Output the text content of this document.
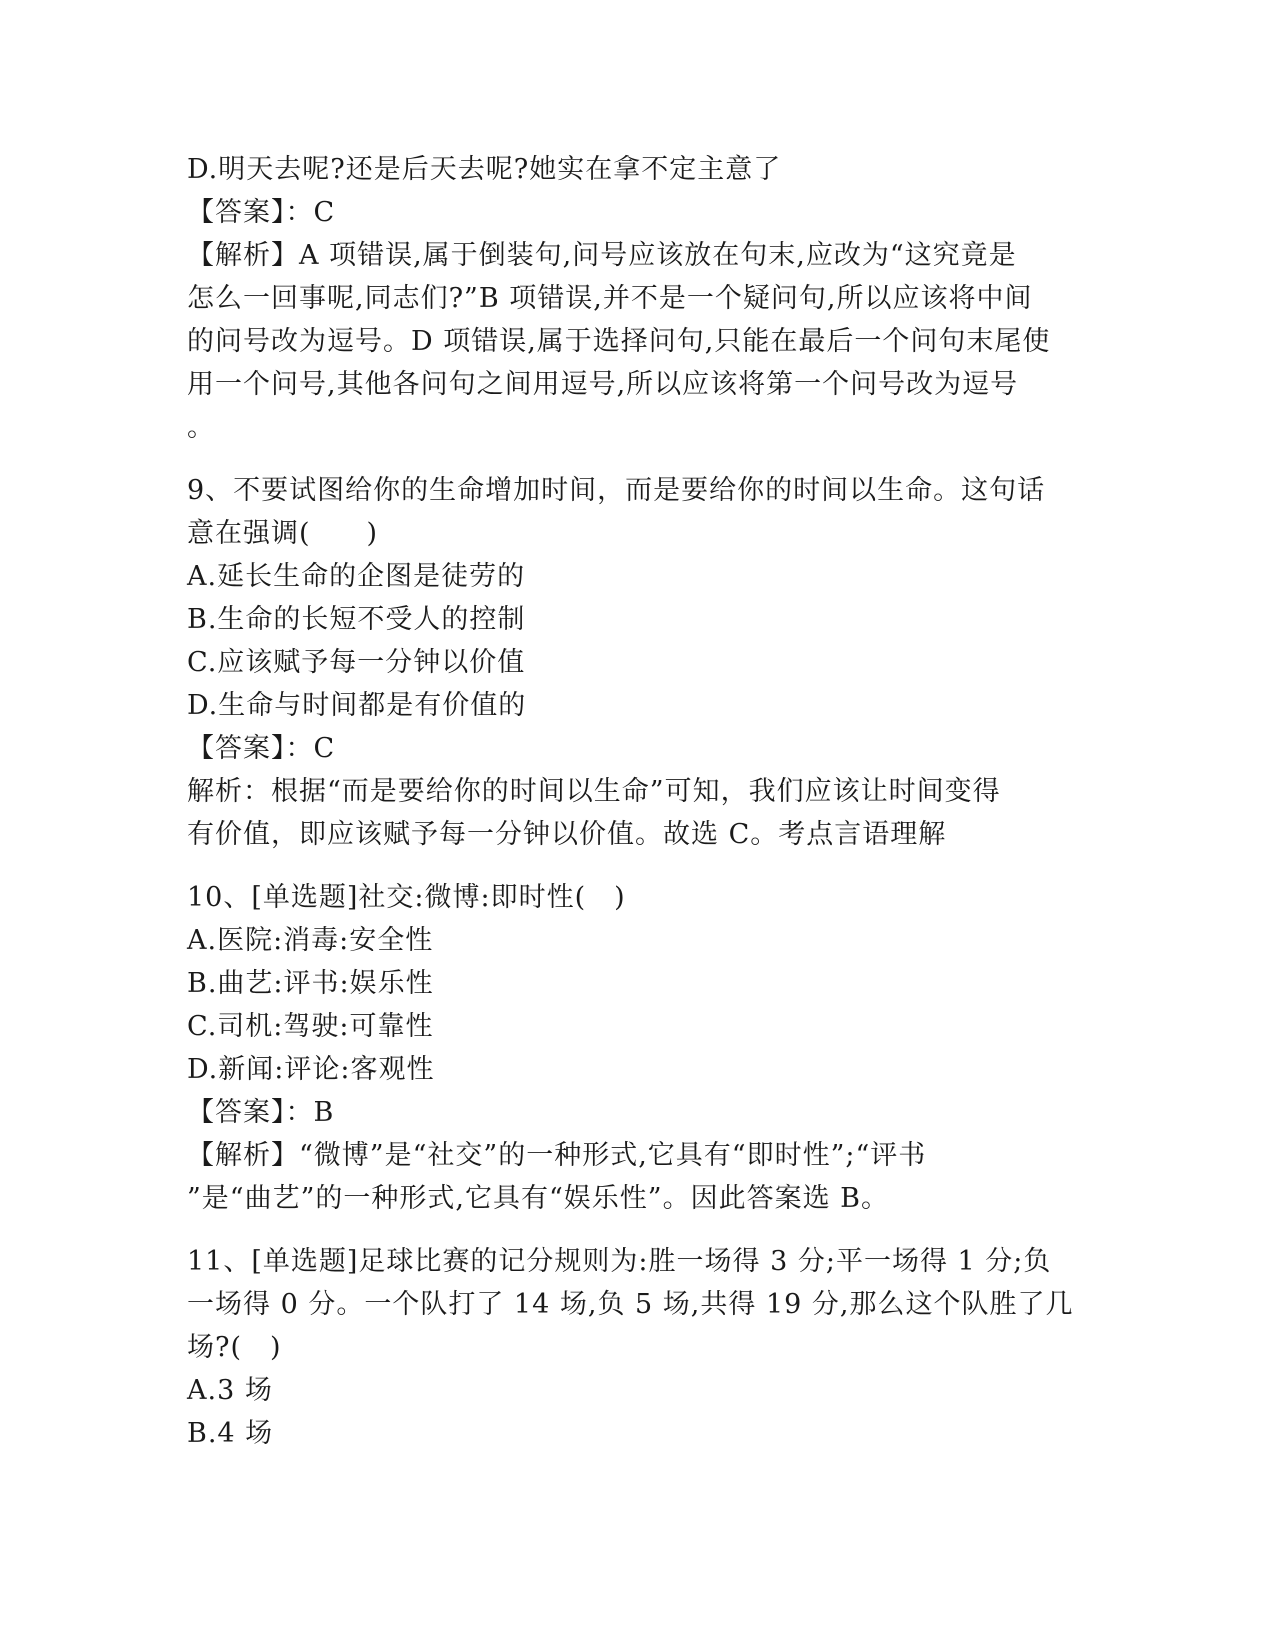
D.明天去呢?还是后天去呢?她实在拿不定主意了
【答案】：C
【解析】A 项错误,属于倒装句,问号应该放在句末,应改为“这究竟是
怎么一回事呢,同志们?”B 项错误,并不是一个疑问句,所以应该将中间
的问号改为逗号。D 项错误,属于选择问句,只能在最后一个问句末尾使
用一个问号,其他各问句之间用逗号,所以应该将第一个问号改为逗号
。
9、不要试图给你的生命增加时间，而是要给你的时间以生命。这句话
意在强调(　　)
A.延长生命的企图是徒劳的
B.生命的长短不受人的控制
C.应该赋予每一分钟以价值
D.生命与时间都是有价值的
【答案】：C
解析：根据“而是要给你的时间以生命”可知，我们应该让时间变得
有价值，即应该赋予每一分钟以价值。故选 C。考点言语理解
10、[单选题]社交:微博:即时性(　)
A.医院:消毒:安全性
B.曲艺:评书:娱乐性
C.司机:驾驶:可靠性
D.新闻:评论:客观性
【答案】：B
【解析】“微博”是“社交”的一种形式,它具有“即时性”;“评书
”是“曲艺”的一种形式,它具有“娱乐性”。因此答案选 B。
11、[单选题]足球比赛的记分规则为:胜一场得 3 分;平一场得 1 分;负
一场得 0 分。一个队打了 14 场,负 5 场,共得 19 分,那么这个队胜了几
场?(　)
A.3 场
B.4 场
